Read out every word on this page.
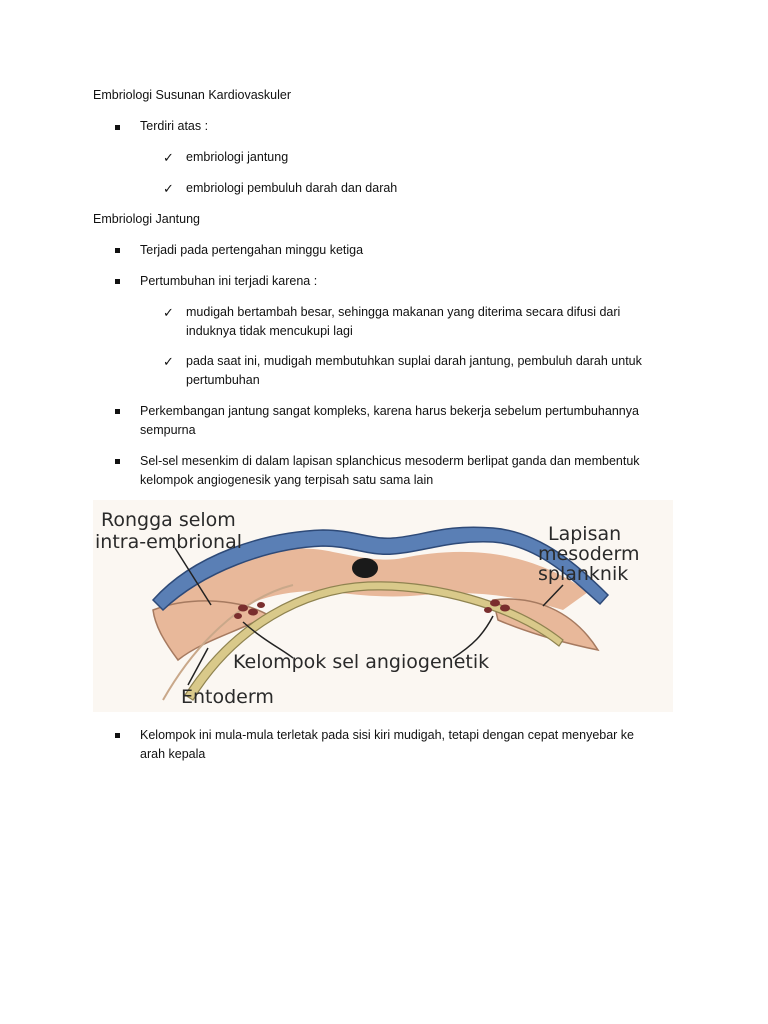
Embriologi Susunan Kardiovaskuler
Terdiri atas :
✓ embriologi jantung
✓ embriologi pembuluh darah dan darah
Embriologi Jantung
Terjadi pada pertengahan minggu ketiga
Pertumbuhan ini terjadi karena :
✓ mudigah bertambah besar, sehingga makanan yang diterima secara difusi dari
induknya tidak mencukupi lagi
✓ pada saat ini, mudigah membutuhkan suplai darah jantung, pembuluh darah untuk
pertumbuhan
Perkembangan jantung sangat kompleks, karena harus bekerja sebelum pertumbuhannya
sempurna
Sel-sel mesenkim di dalam lapisan splanchicus mesoderm berlipat ganda dan membentuk
kelompok angiogenesik yang terpisah satu sama lain
Rongga selom
intra-embrional	Lapisan
mesoderm
splanknik
Kelompok sel angiogenetik
Entoderm
Kelompok ini mula-mula terletak pada sisi kiri mudigah, tetapi dengan cepat menyebar ke
arah kepala
